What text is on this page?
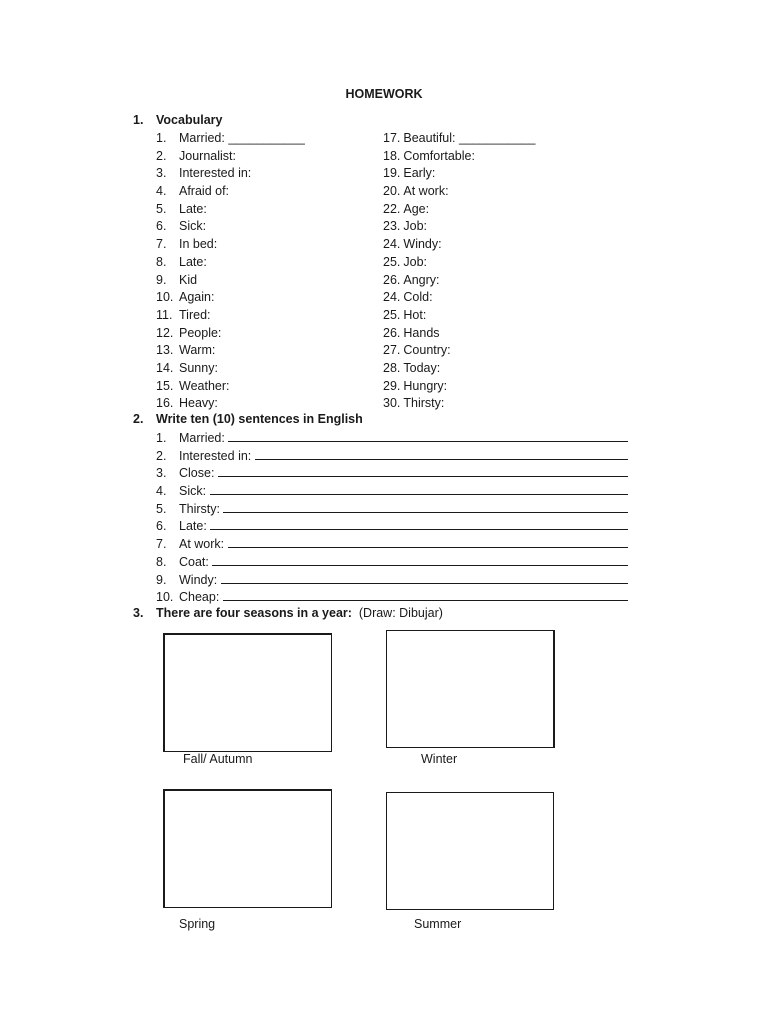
HOMEWORK
1. Vocabulary
1. Married: ___________
2. Journalist:
3. Interested in:
4. Afraid of:
5. Late:
6. Sick:
7. In bed:
8. Late:
9. Kid
10. Again:
11. Tired:
12. People:
13. Warm:
14. Sunny:
15. Weather:
16. Heavy:
17. Beautiful: ___________
18. Comfortable:
19. Early:
20. At work:
22. Age:
23. Job:
24. Windy:
25. Job:
26. Angry:
24. Cold:
25. Hot:
26. Hands
27. Country:
28. Today:
29. Hungry:
30. Thirsty:
2. Write ten (10) sentences in English
1. Married:
2. Interested in:
3. Close:
4. Sick:
5. Thirsty:
6. Late:
7. At work:
8. Coat:
9. Windy:
10. Cheap:
3. There are four seasons in a year: (Draw: Dibujar)
Fall/ Autumn	Winter
Spring	Summer
